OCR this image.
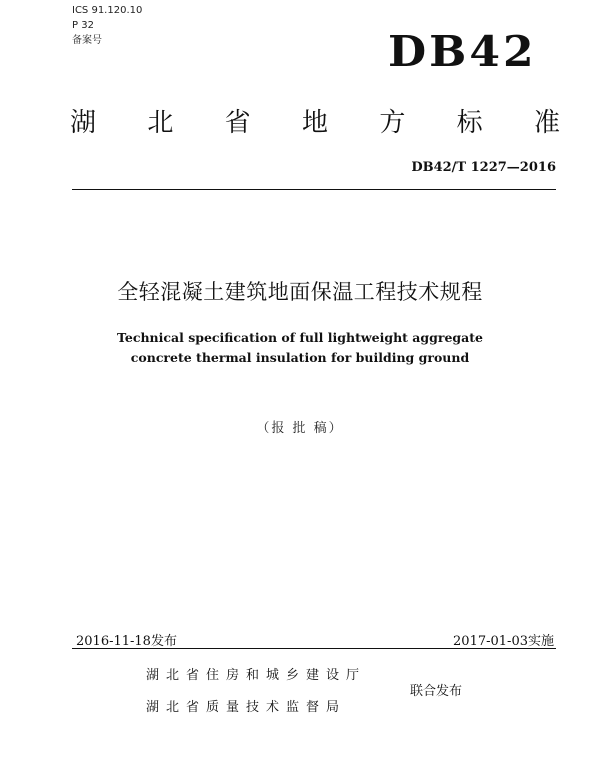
ICS 91.120.10
P 32
备案号	DB42
湖 北 省 地 方 标 准
DB42/T 1227—2016
全轻混凝土建筑地面保温工程技术规程
Technical specification of full lightweight aggregate
concrete thermal insulation for building ground
（报 批 稿）
2016-11-18发布	2017-01-03实施
湖北省住房和城乡建设厅
湖北省质量技术监督局
联合发布
